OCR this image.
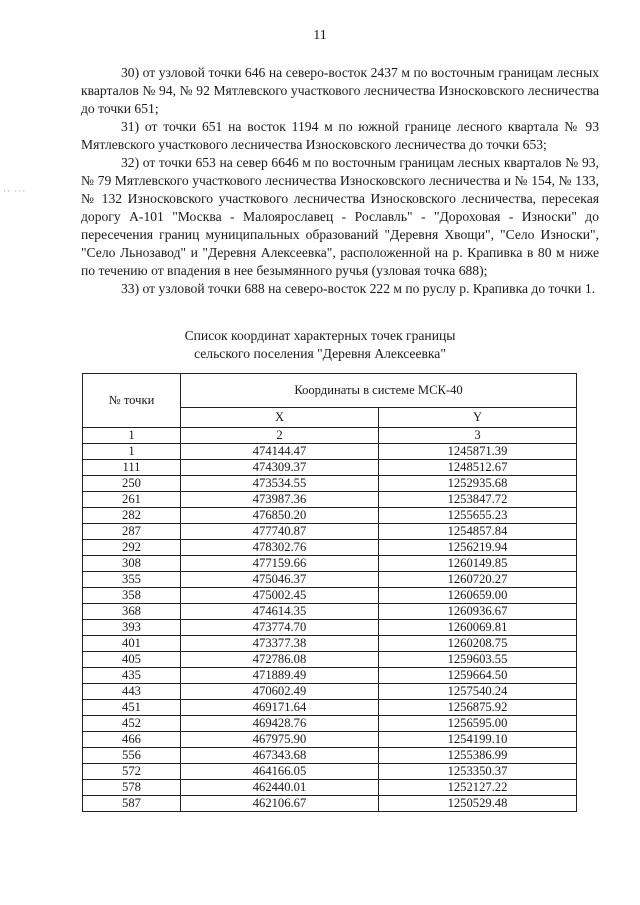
·· ···
11

30) от узловой точки 646 на северо-восток 2437 м по восточным границам лесных кварталов № 94, № 92 Мятлевского участкового лесничества Износковского лесничества до точки 651;

31) от точки 651 на восток 1194 м по южной границе лесного квартала № 93 Мятлевского участкового лесничества Износковского лесничества до точки 653;

32) от точки 653 на север 6646 м по восточным границам лесных кварталов № 93, № 79 Мятлевского участкового лесничества Износковского лесничества и № 154, № 133, № 132 Износковского участкового лесничества Износковского лесничества, пересекая дорогу А-101 "Москва - Малоярославец - Рославль" - "Дороховая - Износки" до пересечения границ муниципальных образований "Деревня Хвощи", "Село Износки", "Село Льнозавод" и "Деревня Алексеевка", расположенной на р. Крапивка в 80 м ниже по течению от впадения в нее безымянного ручья (узловая точка 688);

33) от узловой точки 688 на северо-восток 222 м по руслу р. Крапивка до точки 1.

Список координат характерных точек границы
сельского поселения "Деревня Алексеевка"
№ точки	Координаты в системе МСК-40	
	X	Y
1	2	3
1	474144.47	1245871.39
111	474309.37	1248512.67
250	473534.55	1252935.68
261	473987.36	1253847.72
282	476850.20	1255655.23
287	477740.87	1254857.84
292	478302.76	1256219.94
308	477159.66	1260149.85
355	475046.37	1260720.27
358	475002.45	1260659.00
368	474614.35	1260936.67
393	473774.70	1260069.81
401	473377.38	1260208.75
405	472786.08	1259603.55
435	471889.49	1259664.50
443	470602.49	1257540.24
451	469171.64	1256875.92
452	469428.76	1256595.00
466	467975.90	1254199.10
556	467343.68	1255386.99
572	464166.05	1253350.37
578	462440.01	1252127.22
587	462106.67	1250529.48
